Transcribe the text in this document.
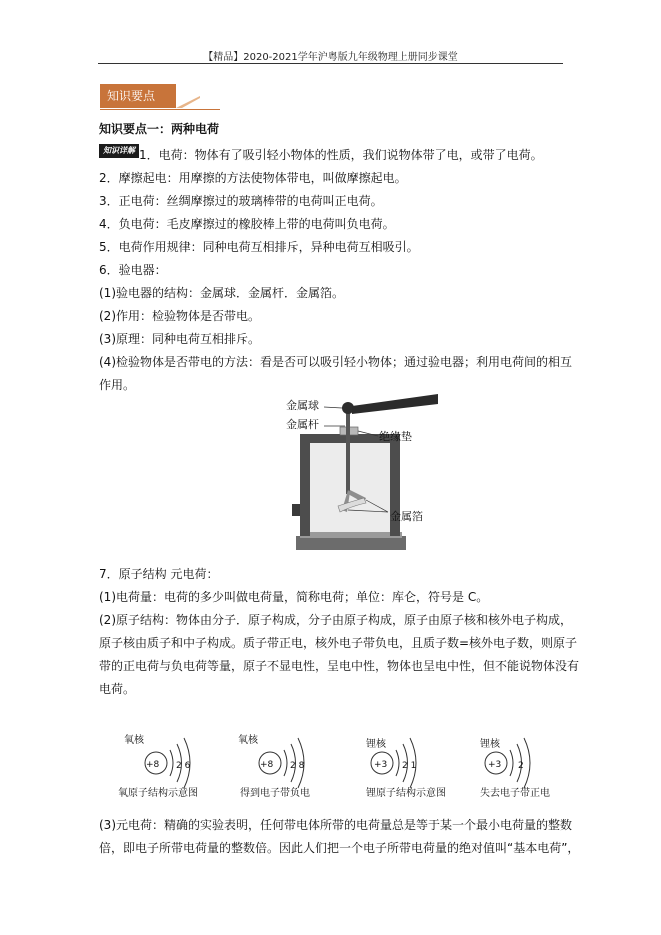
【精品】2020-2021学年沪粤版九年级物理上册同步课堂
知识要点
知识要点一：两种电荷
知识详解 1．电荷：物体有了吸引轻小物体的性质，我们说物体带了电，或带了电荷。
2．摩擦起电：用摩擦的方法使物体带电，叫做摩擦起电。
3．正电荷：丝绸摩擦过的玻璃棒带的电荷叫正电荷。
4．负电荷：毛皮摩擦过的橡胶棒上带的电荷叫负电荷。
5．电荷作用规律：同种电荷互相排斥，异种电荷互相吸引。
6．验电器：
(1)验电器的结构：金属球．金属杆．金属箔。
(2)作用：检验物体是否带电。
(3)原理：同种电荷互相排斥。
(4)检验物体是否带电的方法：看是否可以吸引轻小物体；通过验电器；利用电荷间的相互
作用。
金属球
金属杆
绝缘垫
金属箔
7．原子结构 元电荷：
(1)电荷量：电荷的多少叫做电荷量，简称电荷；单位：库仑，符号是 C。
(2)原子结构：物体由分子．原子构成，分子由原子构成，原子由原子核和核外电子构成，
原子核由质子和中子构成。质子带正电，核外电子带负电，且质子数=核外电子数，则原子
带的正电荷与负电荷等量，原子不显电性，呈电中性，物体也呈电中性，但不能说物体没有
电荷。
氧核
+8 2 6
氧原子结构示意图
氧核
+8 2 8
得到电子带负电
锂核
+3 2 1
锂原子结构示意图
锂核
+3 2
失去电子带正电
(3)元电荷：精确的实验表明，任何带电体所带的电荷量总是等于某一个最小电荷量的整数
倍，即电子所带电荷量的整数倍。因此人们把一个电子所带电荷量的绝对值叫“基本电荷”，
